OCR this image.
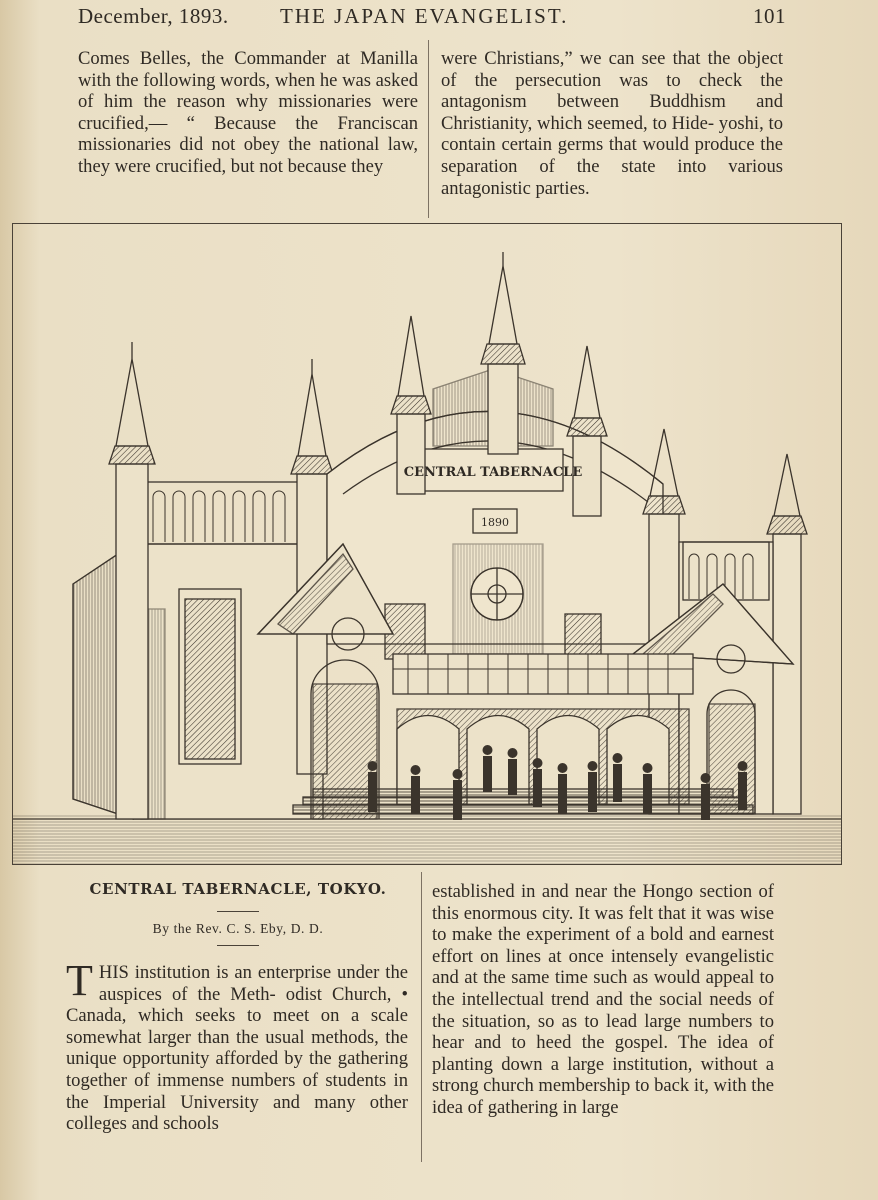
December, 1893. THE JAPAN EVANGELIST.	101

Comes Belles, the Commander at Manilla with the following words, when he was asked of him the reason why missionaries were crucified,— “ Because the Franciscan missionaries did not obey the national law, they were crucified, but not because they

were Christians,” we can see that the object of the persecution was to check the antagonism between Buddhism and Christianity, which seemed, to Hide- yoshi, to contain certain germs that would produce the separation of the state into various antagonistic parties.

CENTRAL TABERNACLE
1890
CENTRAL TABERNACLE, TOKYO.
By the Rev. C. S. Eby, D. D.

THIS institution is an enterprise under the auspices of the Meth- odist Church, • Canada, which seeks to meet on a scale somewhat larger than the usual methods, the unique opportunity afforded by the gathering together of immense numbers of students in the Imperial University and many other colleges and schools

established in and near the Hongo section of this enormous city. It was felt that it was wise to make the experiment of a bold and earnest effort on lines at once intensely evangelistic and at the same time such as would appeal to the intellectual trend and the social needs of the situation, so as to lead large numbers to hear and to heed the gospel. The idea of planting down a large institution, without a strong church membership to back it, with the idea of gathering in large
